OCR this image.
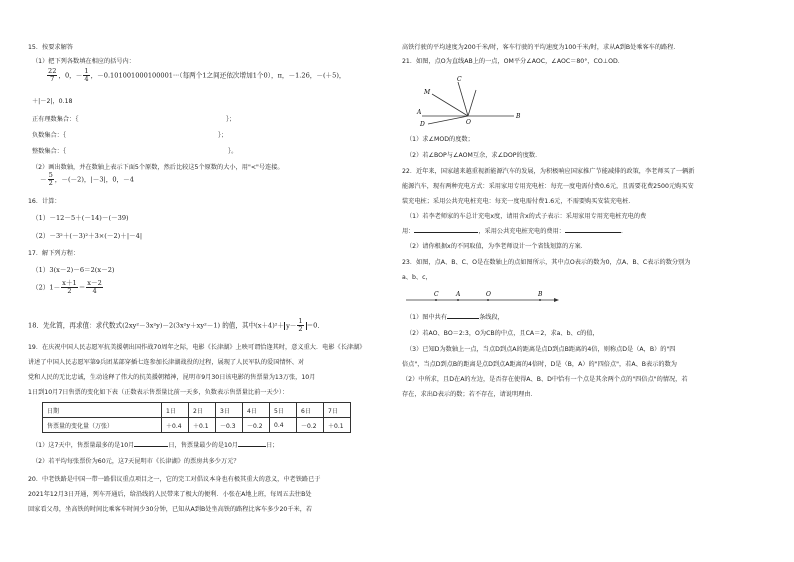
15．按要求解答
（1）把下列各数填在相应的括号内：
$\frac{22}{7}$ ，0，－ $\frac{1}{4}$ ，－0.101001000100001···（每两个1之间还依次增加1个0），π，－1.26，－(＋5)，
＋|－2|，0.18
正有理数集合：｛	｝；
负数集合：｛	｝；
整数集合：｛	｝。
（2）画出数轴，并在数轴上表示下面5个原数，然后比较这5个原数的大小，用"<"号连接。
－ $\frac{5}{2}$ ，－(－2)，|－3|，0，－4
16．计算：
（1）－12－5＋(－14)－(－39)
（2）－3²＋(－3)²＋3×(－2)＋|－4|
17．解下列方程：
（1）3(x－2)－6＝2(x－2)
$(2)1- \frac{x+1}{2} = \frac{x-2}{4}$
18．先化简，再求值：求代数式(2xy²－3x²y)－2(3x²y＋xy²－1) 的值，其中$(x+4)^2+ y- \frac{1}{2} =0$．
19．在庆祝中国人民志愿军抗美援朝出国作战70周年之际，电影《长津湖》上映可谓恰逢其时，意义重大．电影《长津湖》
讲述了中国人民志愿军第9兵团某部穿插七连参加长津湖战役的过程，展现了人民军队的爱国情怀、对
党和人民的无比忠诚，生动诠释了伟大的抗美援朝精神，昆明市9月30日该电影的售票量为13万张，10月
1日到10月7日售票的变化如下表（正数表示售票量比前一天多，负数表示售票量比前一天少）：
日期	1日	2日	3日	4日	5日	6日	7日
售票量的变化量（万张）	＋0.4	＋0.1	－0.3	－0.2	0.4	－0.2	＋0.1
（1）这7天中，售票量最多的是10月	日，售票量最少的是10月	日；
（2）若平均每张票价为60元，这7天昆明市《长津湖》的票房共多少万元？
20．中老铁路是中国一带一路倡议重点项目之一，它的完工对倡议本身也有极其重大的意义，中老铁路已于
2021年12月3日开通，列车开通后，给沿线的人民带来了极大的便利．小张在A地上班，每周五去往B处
回家看父母，坐高铁的时间比乘客车时间少30分钟，已知从A到B处坐高铁的路程比客车多少20千米，若
高铁行驶的平均速度为200千米/时，客车行驶的平均速度为100千米/时，求从A到B处乘客车的路程．
21．如图，点O为直线AB上的一点，OM平分∠AOC，∠AOC＝80°，CO⊥OD．
C
M
A
D	O
B
（1）求∠MOD的度数；
（2）若∠BOP与∠AOM互余，求∠DOP的度数．
22．近年来，国家越来越重视新能源汽车的发展，为积极响应国家推广节能减排的政策，李老师买了一辆新
能源汽车，现有两种充电方式：采用家用专用充电桩：每充一度电需付费0.6元，且需要花费2500元购买安
装充电桩；采用公共充电桩充电：每充一度电需付费1.6元，不需要购买安装充电桩．
（1）若李老师家的车总计充电x度，请用含x的式子表示：采用家用专用充电桩充电的费
用：	，采用公共充电桩充电的费用：	．
（2）请你根据x的不同取值，为李老师设计一个省钱划算的方案．
23．如图，点A、B、C、O是在数轴上的点如图所示，其中点O表示的数为0，点A、B、C表示的数分别为
a、b、c，
C	A	O	B
（1）图中共有	条线段，
（2）若AO、BO＝2:3，O为CB的中点，且CA＝2，求a、b、c的值，
（3）已知D为数轴上一点，当点D到点A的距离是点D到点B距离的4倍，则称点D是（A，B）的"四
倍点"，当点D到点B的距离是点D到点A距离的4倍时，D是（B，A）的"四倍点"，若A、B表示的数为
（2）中所求，且D在A的左边，是否存在使得A、B、D中恰有一个点是其余两个点的"四倍点"的情况，若
存在，求出D表示的数；若不存在，请说明理由．
